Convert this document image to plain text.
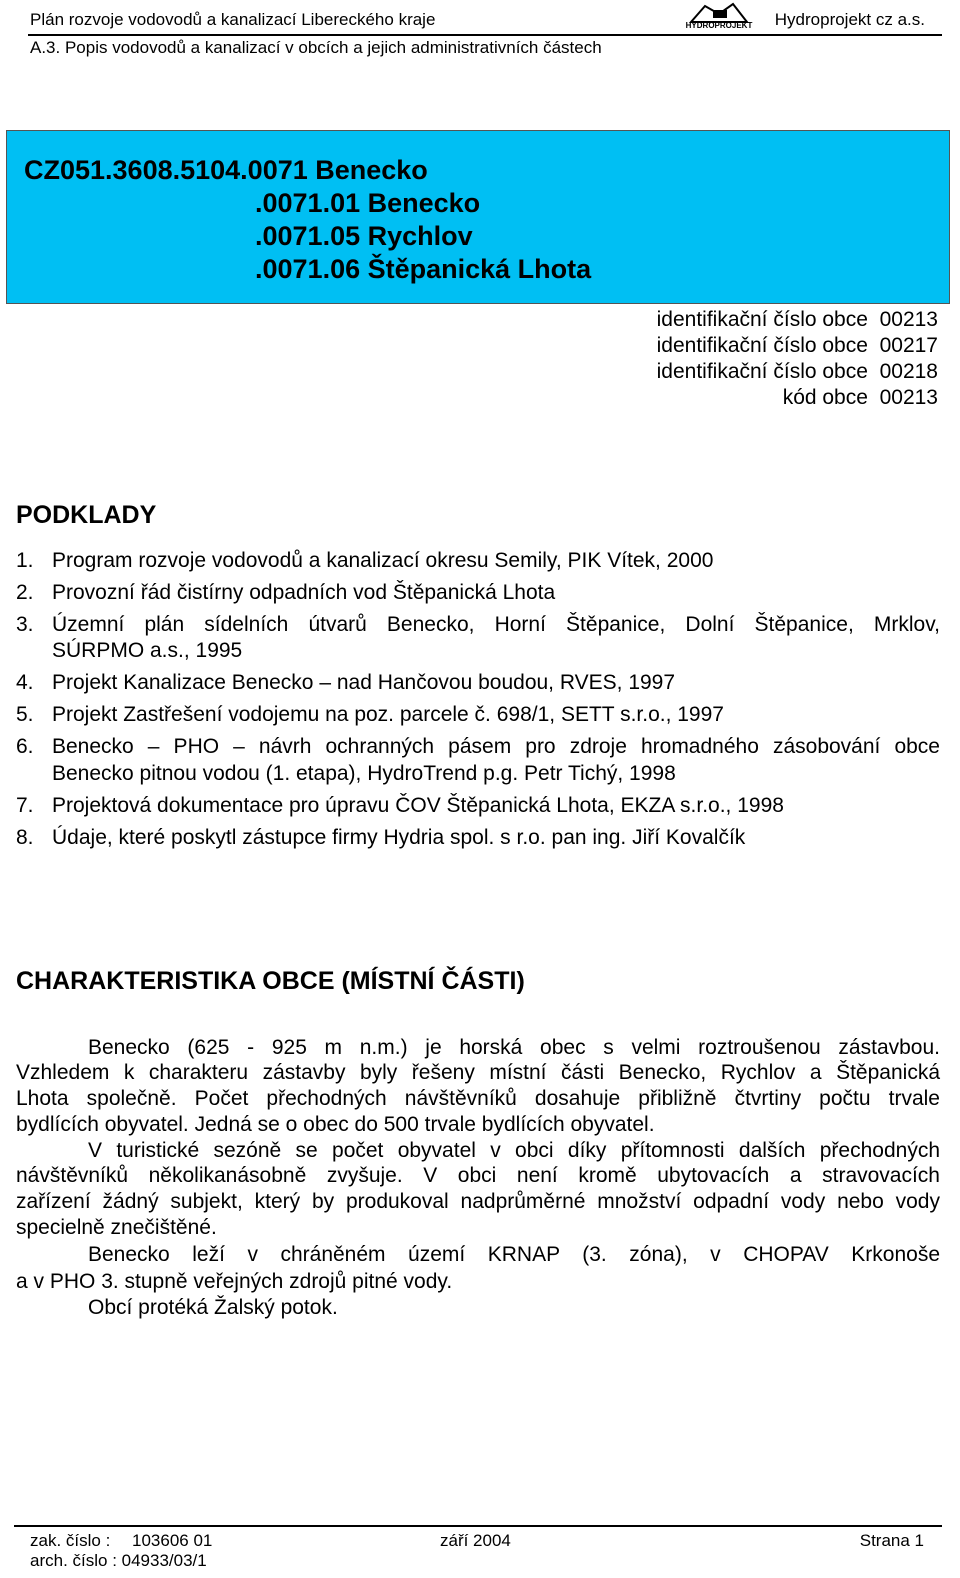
Plán rozvoje vodovodů a kanalizací Libereckého kraje	HYDROPROJEKT Hydroprojekt cz a.s.
A.3. Popis vodovodů a kanalizací v obcích a jejich administrativních částech
CZ051.3608.5104.0071 Benecko
.0071.01 Benecko
.0071.05 Rychlov
.0071.06 Štěpanická Lhota
identifikační číslo obce 00213
identifikační číslo obce 00217
identifikační číslo obce 00218
kód obce 00213
PODKLADY
1. Program rozvoje vodovodů a kanalizací okresu Semily, PIK Vítek, 2000
2. Provozní řád čistírny odpadních vod Štěpanická Lhota
3. Územní plán sídelních útvarů Benecko, Horní Štěpanice, Dolní Štěpanice, Mrklov,
SÚRPMO a.s., 1995
4. Projekt Kanalizace Benecko – nad Hančovou boudou, RVES, 1997
5. Projekt Zastřešení vodojemu na poz. parcele č. 698/1, SETT s.r.o., 1997
6. Benecko – PHO – návrh ochranných pásem pro zdroje hromadného zásobování obce
Benecko pitnou vodou (1. etapa), HydroTrend p.g. Petr Tichý, 1998
7. Projektová dokumentace pro úpravu ČOV Štěpanická Lhota, EKZA s.r.o., 1998
8. Údaje, které poskytl zástupce firmy Hydria spol. s r.o. pan ing. Jiří Kovalčík
CHARAKTERISTIKA OBCE (MÍSTNÍ ČÁSTI)
Benecko (625 - 925 m n.m.) je horská obec s velmi roztroušenou zástavbou.
Vzhledem k charakteru zástavby byly řešeny místní části Benecko, Rychlov a Štěpanická
Lhota společně. Počet přechodných návštěvníků dosahuje přibližně čtvrtiny počtu trvale
bydlících obyvatel. Jedná se o obec do 500 trvale bydlících obyvatel.
V turistické sezóně se počet obyvatel v obci díky přítomnosti dalších přechodných
návštěvníků několikanásobně zvyšuje. V obci není kromě ubytovacích a stravovacích
zařízení žádný subjekt, který by produkoval nadprůměrné množství odpadní vody nebo vody
specielně znečištěné.
Benecko leží v chráněném území KRNAP (3. zóna), v CHOPAV Krkonoše
a v PHO 3. stupně veřejných zdrojů pitné vody.
Obcí protéká Žalský potok.
zak. číslo : 103606 01	září 2004	Strana 1
arch. číslo : 04933/03/1
